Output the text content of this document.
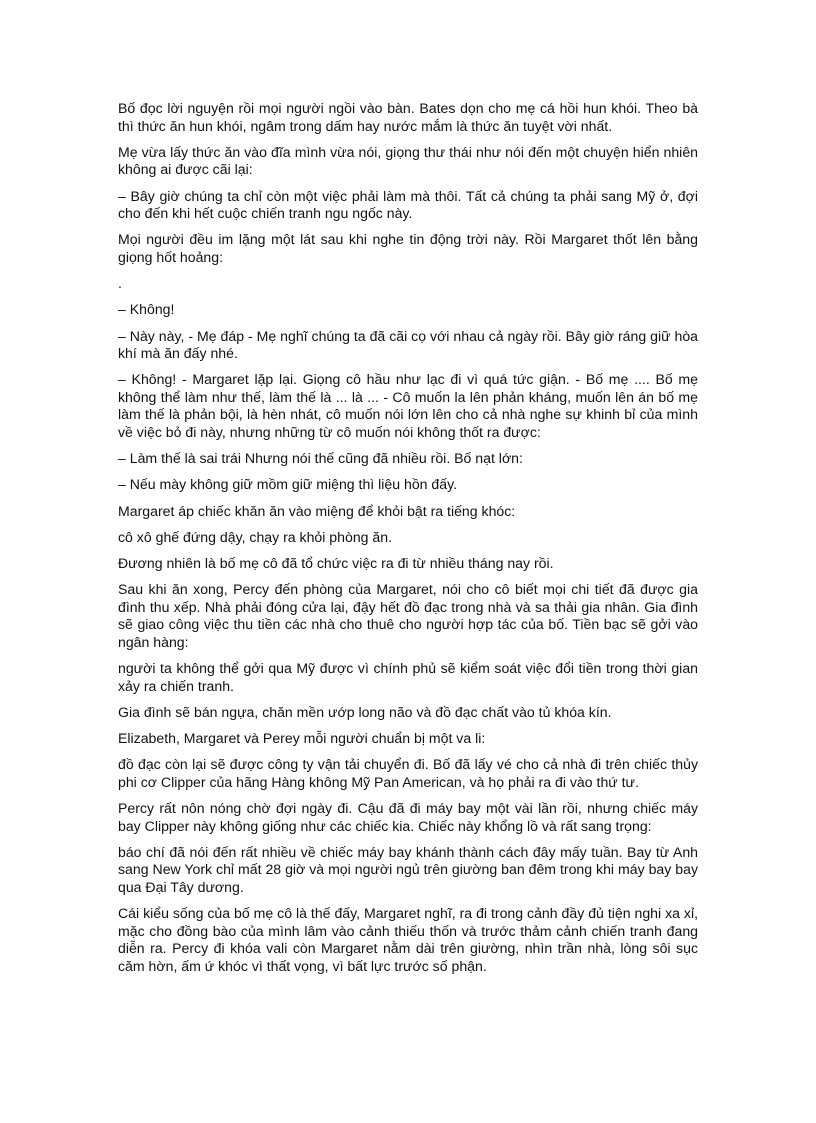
Bố đọc lời nguyện rồi mọi người ngồi vào bàn. Bates dọn cho mẹ cá hồi hun khói. Theo bà thì thức ăn hun khói, ngâm trong dấm hay nước mắm là thức ăn tuyệt vời nhất.

Mẹ vừa lấy thức ăn vào đĩa mình vừa nói, giọng thư thái như nói đến một chuyện hiển nhiên không ai được cãi lại:

– Bây giờ chúng ta chỉ còn một việc phải làm mà thôi. Tất cả chúng ta phải sang Mỹ ở, đợi cho đến khi hết cuộc chiến tranh ngu ngốc này.

Mọi người đều im lặng một lát sau khi nghe tin động trời này. Rồi Margaret thốt lên bằng giọng hốt hoảng:

.

– Không!

– Này này, - Mẹ đáp - Mẹ nghĩ chúng ta đã cãi cọ với nhau cả ngày rồi. Bây giờ ráng giữ hòa khí mà ăn đấy nhé.

– Không! - Margaret lặp lại. Giọng cô hầu như lạc đi vì quá tức giận. - Bố mẹ .... Bố mẹ không thể làm như thế, làm thế là ... là ... - Cô muốn la lên phản kháng, muốn lên án bố mẹ làm thế là phản bội, là hèn nhát, cô muốn nói lớn lên cho cả nhà nghe sự khinh bỉ của mình về việc bỏ đi này, nhưng những từ cô muốn nói không thốt ra được:

– Làm thế là sai trái Nhưng nói thế cũng đã nhiều rồi. Bố nạt lớn:

– Nếu mày không giữ mồm giữ miệng thì liệu hồn đấy.

Margaret áp chiếc khăn ăn vào miệng để khỏi bật ra tiếng khóc:

cô xô ghế đứng dậy, chạy ra khỏi phòng ăn.

Đương nhiên là bố mẹ cô đã tổ chức việc ra đi từ nhiều tháng nay rồi.

Sau khi ăn xong, Percy đến phòng của Margaret, nói cho cô biết mọi chi tiết đã được gia đình thu xếp. Nhà phải đóng cửa lại, đậy hết đồ đạc trong nhà và sa thải gia nhân. Gia đình sẽ giao công việc thu tiền các nhà cho thuê cho người hợp tác của bố. Tiền bạc sẽ gởi vào ngân hàng:

người ta không thể gởi qua Mỹ được vì chính phủ sẽ kiểm soát việc đổi tiền trong thời gian xảy ra chiến tranh.

Gia đình sẽ bán ngựa, chăn mền ướp long não và đồ đạc chất vào tủ khóa kín.

Elizabeth, Margaret và Perey mỗi người chuẩn bị một va li:

đồ đạc còn lại sẽ được công ty vận tải chuyển đi. Bố đã lấy vé cho cả nhà đi trên chiếc thủy phi cơ Clipper của hãng Hàng không Mỹ Pan American, và họ phải ra đi vào thứ tư.

Percy rất nôn nóng chờ đợi ngày đi. Cậu đã đi máy bay một vài lần rồi, nhưng chiếc máy bay Clipper này không giống như các chiếc kia. Chiếc này khổng lồ và rất sang trọng:

báo chí đã nói đến rất nhiều về chiếc máy bay khánh thành cách đây mấy tuần. Bay từ Anh sang New York chỉ mất 28 giờ và mọi người ngủ trên giường ban đêm trong khi máy bay bay qua Đại Tây dương.

Cái kiểu sống của bố mẹ cô là thế đấy, Margaret nghĩ, ra đi trong cảnh đầy đủ tiện nghi xa xỉ, mặc cho đồng bào của mình lâm vào cảnh thiếu thốn và trước thảm cảnh chiến tranh đang diễn ra. Percy đi khóa vali còn Margaret nằm dài trên giường, nhìn trần nhà, lòng sôi sục căm hờn, ấm ứ khóc vì thất vọng, vì bất lực trước số phận.
